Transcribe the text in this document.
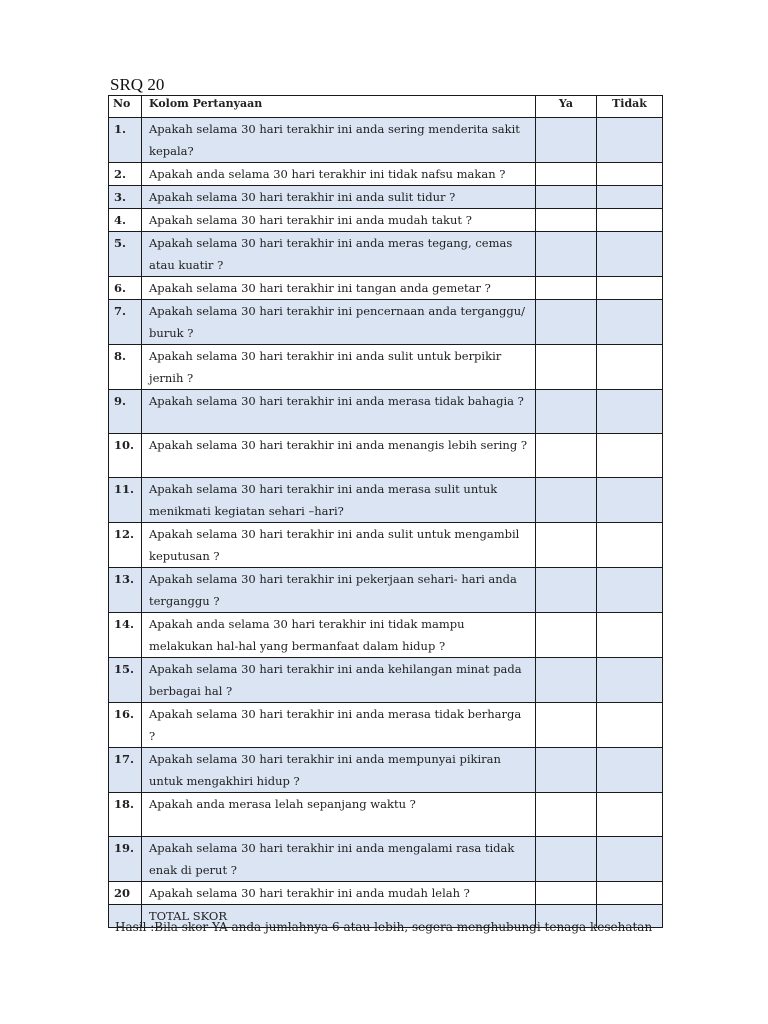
SRQ 20
No	Kolom Pertanyaan	Ya	Tidak
1.	Apakah selama 30 hari terakhir ini anda sering menderita sakit kepala?		
2.	Apakah anda selama 30 hari terakhir ini tidak nafsu makan ?		
3.	Apakah selama 30 hari terakhir ini anda sulit tidur ?		
4.	Apakah selama 30 hari terakhir ini anda mudah takut ?		
5.	Apakah selama 30 hari terakhir ini anda meras tegang, cemas atau kuatir ?		
6.	Apakah selama 30 hari terakhir ini tangan anda gemetar ?		
7.	Apakah selama 30 hari terakhir ini pencernaan anda terganggu/ buruk ?		
8.	Apakah selama 30 hari terakhir ini anda sulit untuk berpikir jernih ?		
9.	Apakah selama 30 hari terakhir ini anda merasa tidak bahagia ?		
10.	Apakah selama 30 hari terakhir ini anda menangis lebih sering ?		
11.	Apakah selama 30 hari terakhir ini anda merasa sulit untuk menikmati kegiatan sehari –hari?		
12.	Apakah selama 30 hari terakhir ini anda sulit untuk mengambil keputusan ?		
13.	Apakah selama 30 hari terakhir ini pekerjaan sehari- hari anda terganggu ?		
14.	Apakah anda selama 30 hari terakhir ini tidak mampu melakukan hal-hal yang bermanfaat dalam hidup ?		
15.	Apakah selama 30 hari terakhir ini anda kehilangan minat pada berbagai hal ?		
16.	Apakah selama 30 hari terakhir ini anda merasa tidak berharga ?		
17.	Apakah selama 30 hari terakhir ini anda mempunyai pikiran untuk mengakhiri hidup ?		
18.	Apakah anda merasa lelah sepanjang waktu ?		
19.	Apakah selama 30 hari terakhir ini anda mengalami rasa tidak enak di perut ?		
20	Apakah selama 30 hari terakhir ini anda mudah lelah ?		
	TOTAL SKOR		
Hasil :Bila skor YA anda jumlahnya 6 atau lebih, segera menghubungi tenaga kesehatan
